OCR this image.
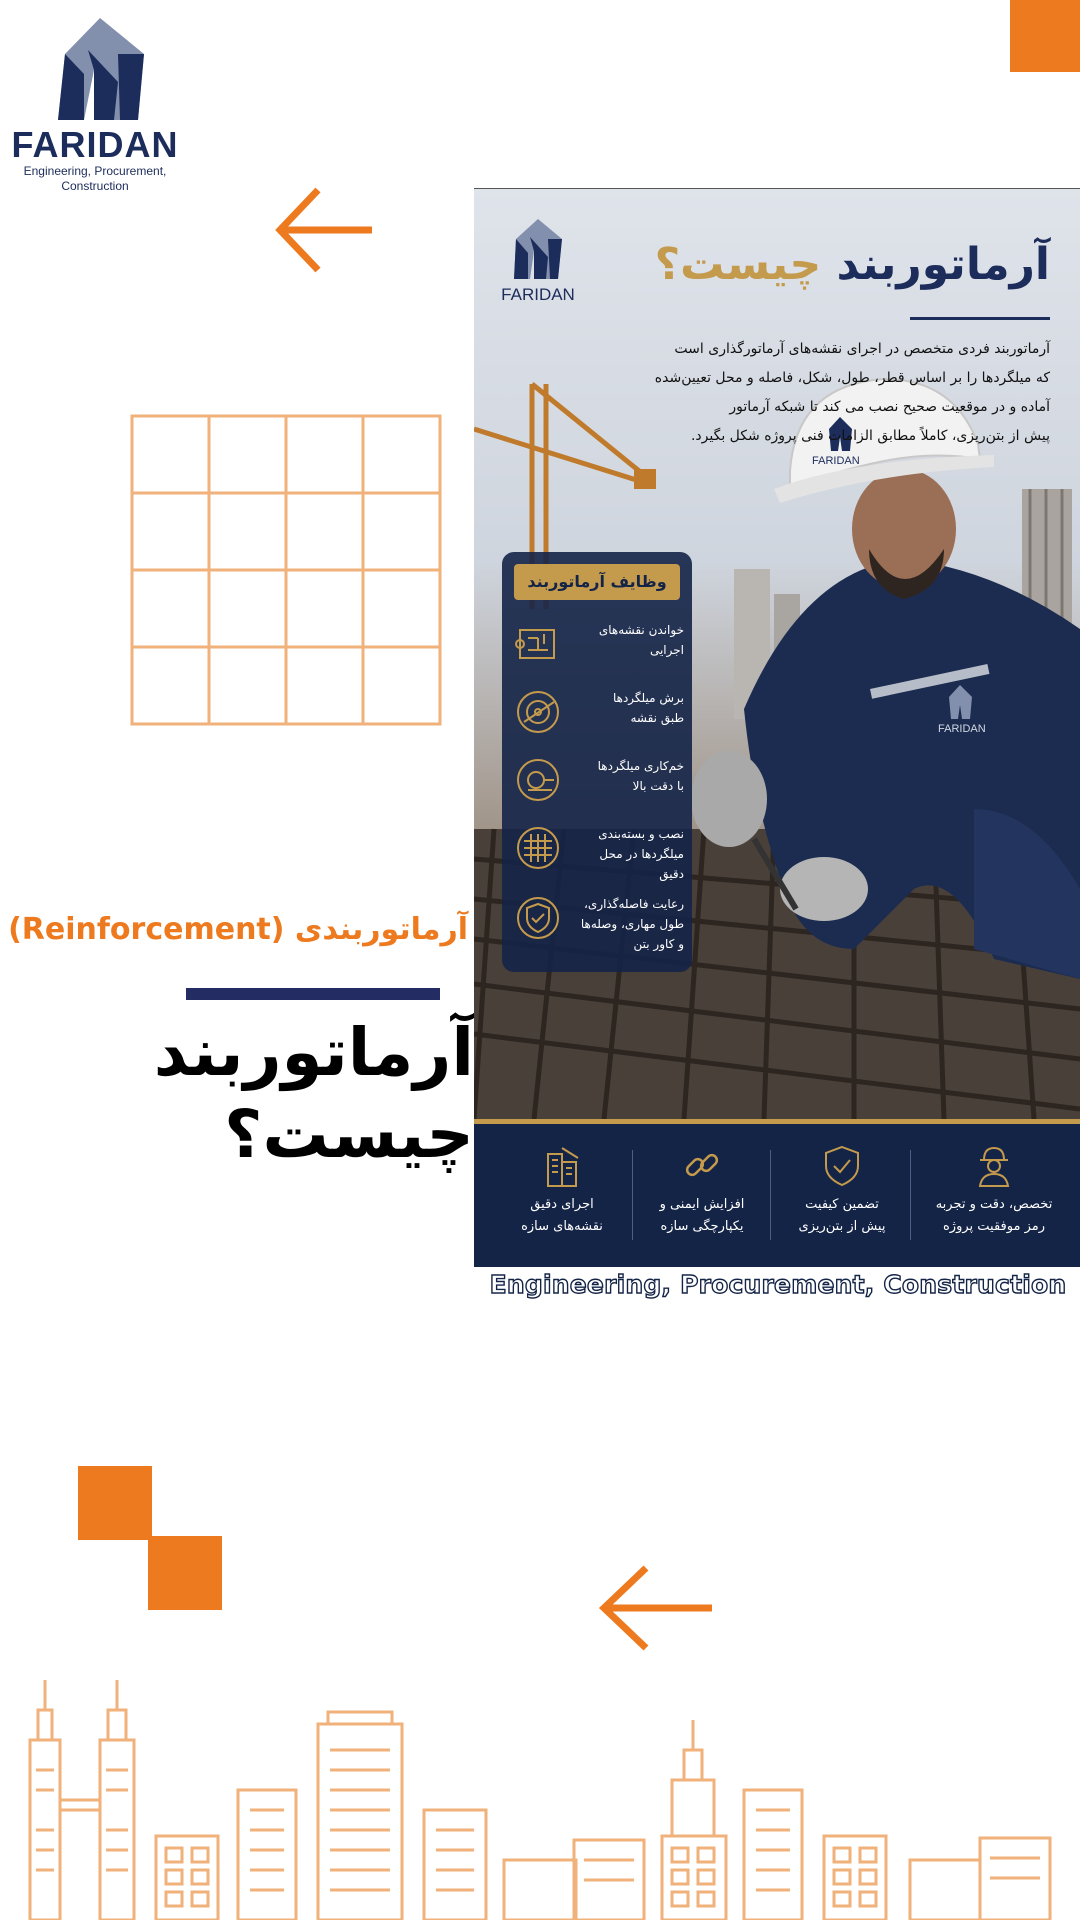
FARIDAN
Engineering, Procurement,
Construction
آرماتوربندی (Reinforcement)
آرماتوربند
چیست؟
FARIDAN
FARIDAN
FARIDAN
آرماتوربند چیست؟
آرماتوربند فردی متخصص در اجرای نقشه‌های آرماتورگذاری است
که میلگردها را بر اساس قطر، طول، شکل، فاصله و محل تعیین‌شده
آماده و در موقعیت صحیح نصب می کند تا شبکه آرماتور
پیش از بتن‌ریزی، کاملاً مطابق الزامات فنی پروژه شکل بگیرد.
وظایف آرماتوربند
خواندن نقشه‌های
اجرایی
برش میلگردها
طبق نقشه
خم‌کاری میلگردها
با دقت بالا
نصب و بسته‌بندی
میلگردها در محل
دقیق
رعایت فاصله‌گذاری،
طول مهاری، وصله‌ها
و کاور بتن
تخصص، دقت و تجربه
رمز موفقیت پروژه
تضمین کیفیت
پیش از بتن‌ریزی
افزایش ایمنی و
یکپارچگی سازه
اجرای دقیق
نقشه‌های سازه
Engineering, Procurement, Construction
